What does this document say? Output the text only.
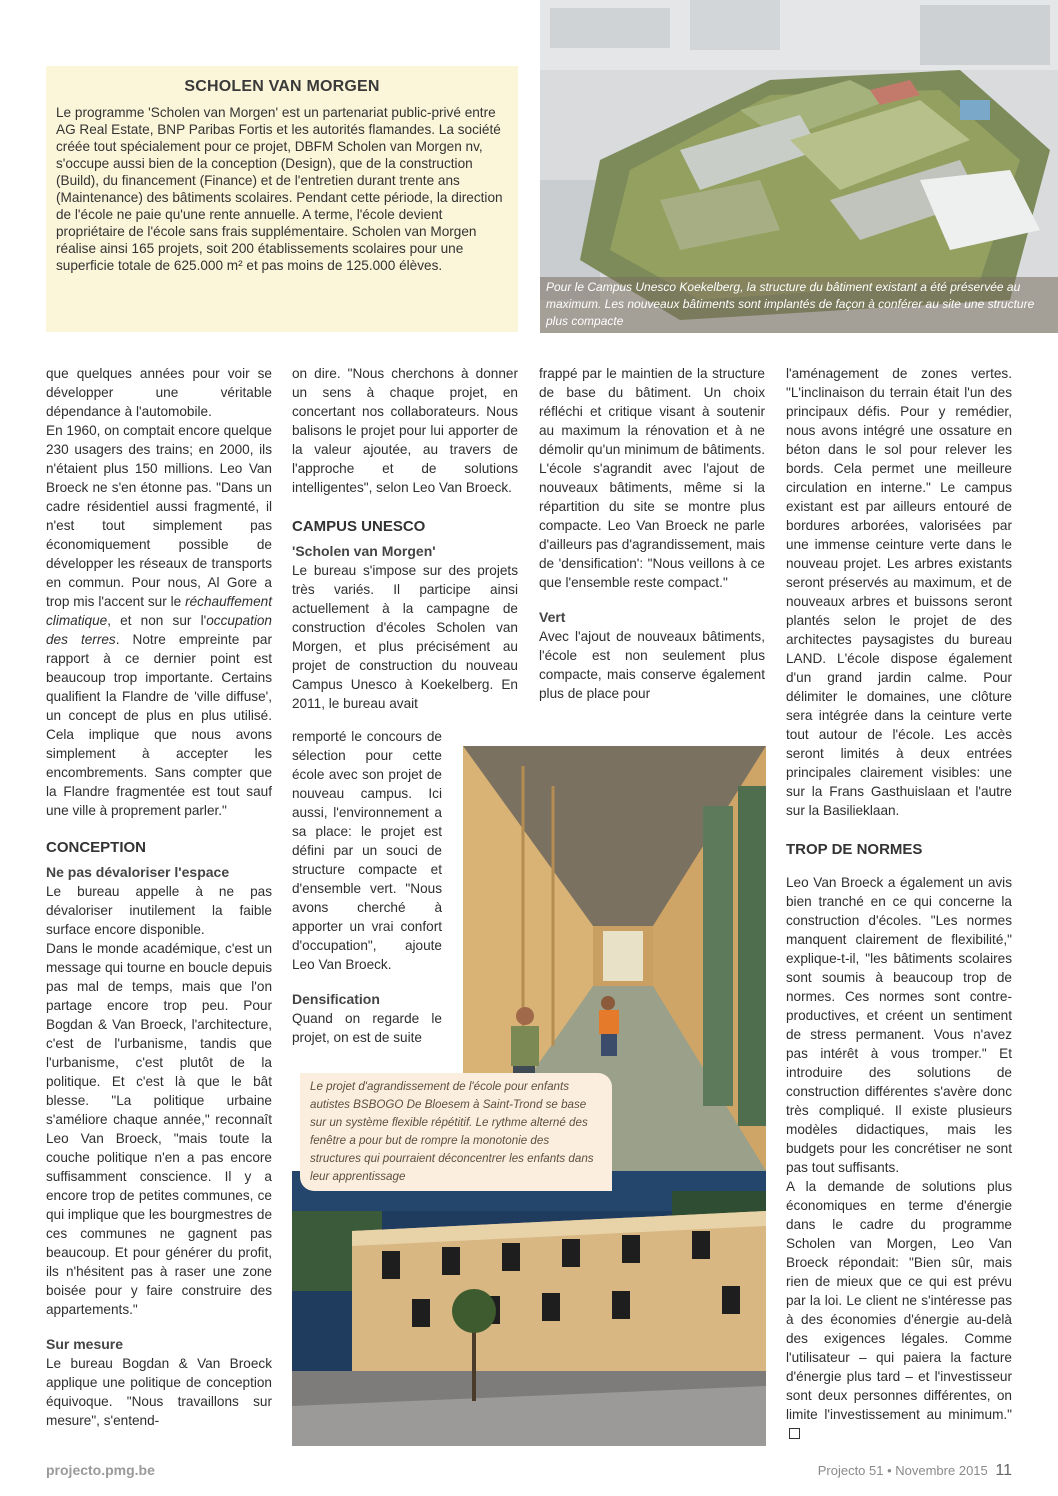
Pour le Campus Unesco Koekelberg, la structure du bâtiment existant a été préservée au maximum. Les nouveaux bâtiments sont implantés de façon à conférer au site une structure plus compacte

SCHOLEN VAN MORGEN

Le programme 'Scholen van Morgen' est un partenariat public-privé entre AG Real Estate, BNP Paribas Fortis et les autorités flamandes. La société créée tout spécialement pour ce projet, DBFM Scholen van Morgen nv, s'occupe aussi bien de la conception (Design), que de la construction (Build), du financement (Finance) et de l'entretien durant trente ans (Maintenance) des bâtiments scolaires. Pendant cette période, la direction de l'école ne paie qu'une rente annuelle. A terme, l'école devient propriétaire de l'école sans frais supplémentaire. Scholen van Morgen réalise ainsi 165 projets, soit 200 établissements scolaires pour une superficie totale de 625.000 m² et pas moins de 125.000 élèves.

que quelques années pour voir se développer une véritable dépendance à l'automobile.

En 1960, on comptait encore quelque 230 usagers des trains; en 2000, ils n'étaient plus 150 millions. Leo Van Broeck ne s'en étonne pas. "Dans un cadre résidentiel aussi fragmenté, il n'est tout simplement pas économiquement possible de développer les réseaux de transports en commun. Pour nous, Al Gore a trop mis l'accent sur le réchauffement climatique, et non sur l'occupation des terres. Notre empreinte par rapport à ce dernier point est beaucoup trop importante. Certains qualifient la Flandre de 'ville diffuse', un concept de plus en plus utilisé. Cela implique que nous avons simplement à accepter les encombrements. Sans compter que la Flandre fragmentée est tout sauf une ville à proprement parler."

CONCEPTION
Ne pas dévaloriser l'espace

Le bureau appelle à ne pas dévaloriser inutilement la faible surface encore disponible.

Dans le monde académique, c'est un message qui tourne en boucle depuis pas mal de temps, mais que l'on partage encore trop peu. Pour Bogdan & Van Broeck, l'architecture, c'est de l'urbanisme, tandis que l'urbanisme, c'est plutôt de la politique. Et c'est là que le bât blesse. "La politique urbaine s'améliore chaque année," reconnaît Leo Van Broeck, "mais toute la couche politique n'en a pas encore suffisamment conscience. Il y a encore trop de petites communes, ce qui implique que les bourgmestres de ces communes ne gagnent pas beaucoup. Et pour générer du profit, ils n'hésitent pas à raser une zone boisée pour y faire construire des appartements."

Sur mesure

Le bureau Bogdan & Van Broeck applique une politique de conception équivoque. "Nous travaillons sur mesure", s'entend-

on dire. "Nous cherchons à donner un sens à chaque projet, en concertant nos collaborateurs. Nous balisons le projet pour lui apporter de la valeur ajoutée, au travers de l'approche et de solutions intelligentes", selon Leo Van Broeck.

CAMPUS UNESCO
'Scholen van Morgen'

Le bureau s'impose sur des projets très variés. Il participe ainsi actuellement à la campagne de construction d'écoles Scholen van Morgen, et plus précisément au projet de construction du nouveau Campus Unesco à Koekelberg. En 2011, le bureau avait

remporté le concours de sélection pour cette école avec son projet de nouveau campus. Ici aussi, l'environnement a sa place: le projet est défini par un souci de structure compacte et d'ensemble vert. "Nous avons cherché à apporter un vrai confort d'occupation", ajoute Leo Van Broeck.

Densification

Quand on regarde le projet, on est de suite

frappé par le maintien de la structure de base du bâtiment. Un choix réfléchi et critique visant à soutenir au maximum la rénovation et à ne démolir qu'un minimum de bâtiments. L'école s'agrandit avec l'ajout de nouveaux bâtiments, même si la répartition du site se montre plus compacte. Leo Van Broeck ne parle d'ailleurs pas d'agrandissement, mais de 'densification': "Nous veillons à ce que l'ensemble reste compact."

Vert

Avec l'ajout de nouveaux bâtiments, l'école est non seulement plus compacte, mais conserve également plus de place pour

l'aménagement de zones vertes. "L'inclinaison du terrain était l'un des principaux défis. Pour y remédier, nous avons intégré une ossature en béton dans le sol pour relever les bords. Cela permet une meilleure circulation en interne." Le campus existant est par ailleurs entouré de bordures arborées, valorisées par une immense ceinture verte dans le nouveau projet. Les arbres existants seront préservés au maximum, et de nouveaux arbres et buissons seront plantés selon le projet de des architectes paysagistes du bureau LAND. L'école dispose également d'un grand jardin calme. Pour délimiter le domaines, une clôture sera intégrée dans la ceinture verte tout autour de l'école. Les accès seront limités à deux entrées principales clairement visibles: une sur la Frans Gasthuislaan et l'autre sur la Basilieklaan.

TROP DE NORMES

Leo Van Broeck a également un avis bien tranché en ce qui concerne la construction d'écoles. "Les normes manquent clairement de flexibilité," explique-t-il, "les bâtiments scolaires sont soumis à beaucoup trop de normes. Ces normes sont contre-productives, et créent un sentiment de stress permanent. Vous n'avez pas intérêt à vous tromper." Et introduire des solutions de construction différentes s'avère donc très compliqué. Il existe plusieurs modèles didactiques, mais les budgets pour les concrétiser ne sont pas tout suffisants.

A la demande de solutions plus économiques en terme d'énergie dans le cadre du programme Scholen van Morgen, Leo Van Broeck répondait: "Bien sûr, mais rien de mieux que ce qui est prévu par la loi. Le client ne s'intéresse pas à des économies d'énergie au-delà des exigences légales. Comme l'utilisateur – qui paiera la facture d'énergie plus tard – et l'investisseur sont deux personnes différentes, on limite l'investissement au minimum."

Le projet d'agrandissement de l'école pour enfants autistes BSBOGO De Bloesem à Saint-Trond se base sur un système flexible répétitif. Le rythme alterné des fenêtre a pour but de rompre la monotonie des structures qui pourraient déconcentrer les enfants dans leur apprentissage

projecto.pmg.be	Projecto 51 • Novembre 2015 11
